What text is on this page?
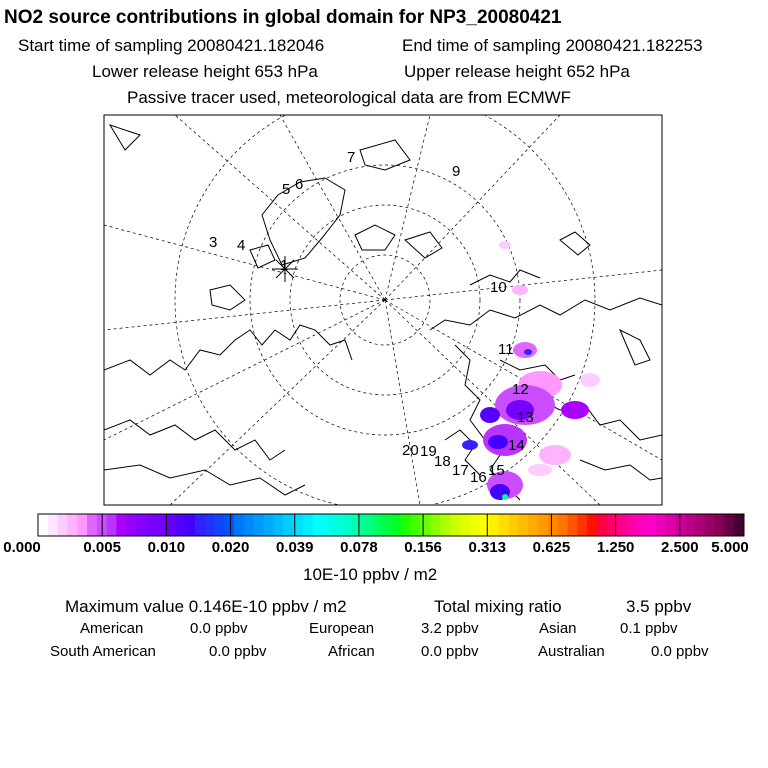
NO2 source contributions in global domain for NP3_20080421
Start time of sampling 20080421.182046	End time of sampling 20080421.182253
Lower release height 653 hPa	Upper release height 652 hPa
Passive tracer used, meteorological data are from ECMWF
1
3 4
5 6
7
9
10
11
12
13
14
15
16
17
18
19
20
0.000	0.005 0.010 0.020 0.039 0.078 0.156 0.313 0.625 1.250 2.500 5.000
10E-10 ppbv / m2
Maximum value 0.146E-10 ppbv / m2	Total mixing ratio	3.5 ppbv
American	0.0 ppbv	European	3.2 ppbv	Asian	0.1 ppbv
South American	0.0 ppbv	African	0.0 ppbv	Australian	0.0 ppbv
